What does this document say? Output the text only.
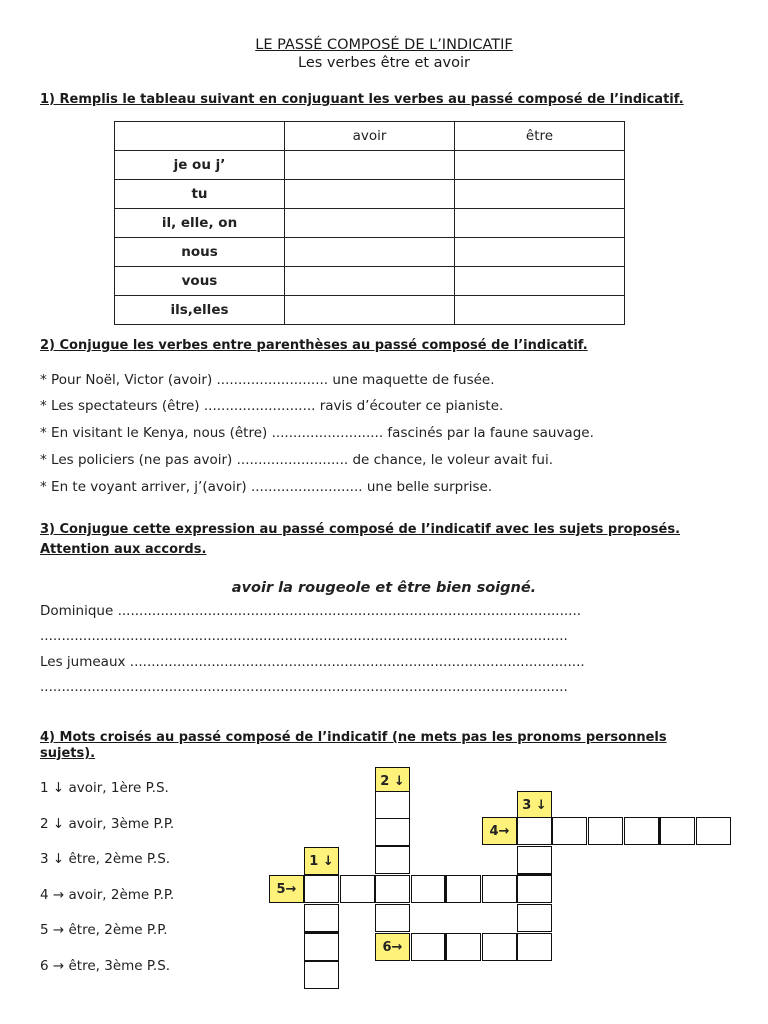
LE PASSÉ COMPOSÉ DE L’INDICATIF
Les verbes être et avoir
1) Remplis le tableau suivant en conjuguant les verbes au passé composé de l’indicatif.
	avoir	être
je ou j’		
tu		
il, elle, on		
nous		
vous		
ils,elles		
2) Conjugue les verbes entre parenthèses au passé composé de l’indicatif.
* Pour Noël, Victor (avoir) .......................... une maquette de fusée.
* Les spectateurs (être) .......................... ravis d’écouter ce pianiste.
* En visitant le Kenya, nous (être) .......................... fascinés par la faune sauvage.
* Les policiers (ne pas avoir) .......................... de chance, le voleur avait fui.
* En te voyant arriver, j’(avoir) .......................... une belle surprise.
3) Conjugue cette expression au passé composé de l’indicatif avec les sujets proposés.
Attention aux accords.
avoir la rougeole et être bien soigné.
Dominique ............................................................................................................
...........................................................................................................................
Les jumeaux ..........................................................................................................
...........................................................................................................................
4) Mots croisés au passé composé de l’indicatif (ne mets pas les pronoms personnels
sujets).
1 ↓ avoir, 1ère P.S.
2 ↓ avoir, 3ème P.P.
3 ↓ être, 2ème P.S.
4 → avoir, 2ème P.P.
5 → être, 2ème P.P.
6 → être, 3ème P.S.
2 ↓
3 ↓
4→
1 ↓
5→
6→
